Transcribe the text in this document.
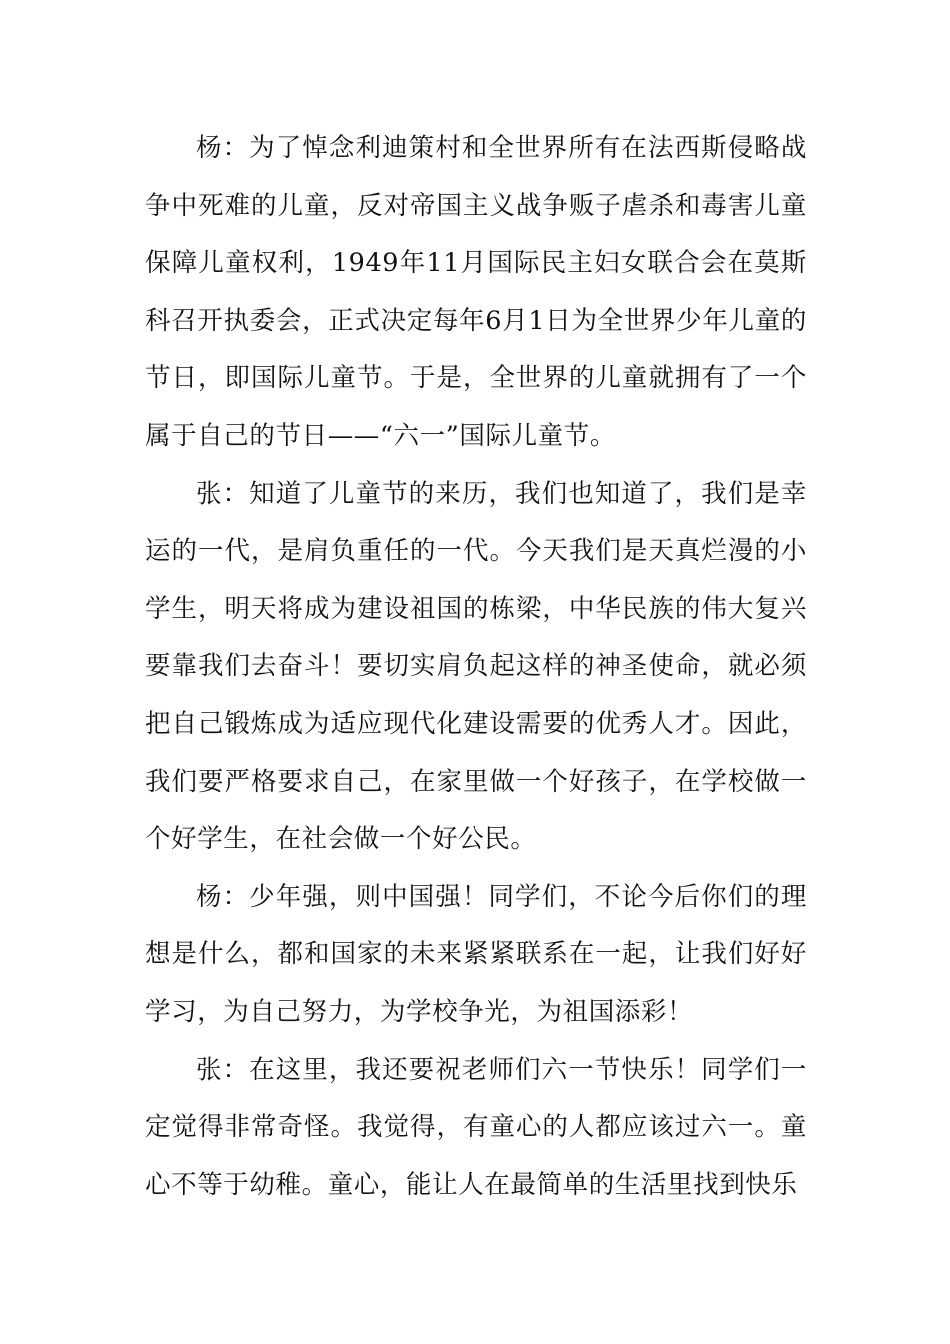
杨：为了悼念利迪策村和全世界所有在法西斯侵略战争中死难的儿童，反对帝国主义战争贩子虐杀和毒害儿童保障儿童权利，1949年11月国际民主妇女联合会在莫斯科召开执委会，正式决定每年6月1日为全世界少年儿童的节日，即国际儿童节。于是，全世界的儿童就拥有了一个属于自己的节日——“六一”国际儿童节。

张：知道了儿童节的来历，我们也知道了，我们是幸运的一代，是肩负重任的一代。今天我们是天真烂漫的小学生，明天将成为建设祖国的栋梁，中华民族的伟大复兴要靠我们去奋斗！要切实肩负起这样的神圣使命，就必须把自己锻炼成为适应现代化建设需要的优秀人才。因此，我们要严格要求自己，在家里做一个好孩子，在学校做一个好学生，在社会做一个好公民。

杨：少年强，则中国强！同学们，不论今后你们的理想是什么，都和国家的未来紧紧联系在一起，让我们好好学习，为自己努力，为学校争光，为祖国添彩！

张：在这里，我还要祝老师们六一节快乐！同学们一定觉得非常奇怪。我觉得，有童心的人都应该过六一。童心不等于幼稚。童心，能让人在最简单的生活里找到快乐
